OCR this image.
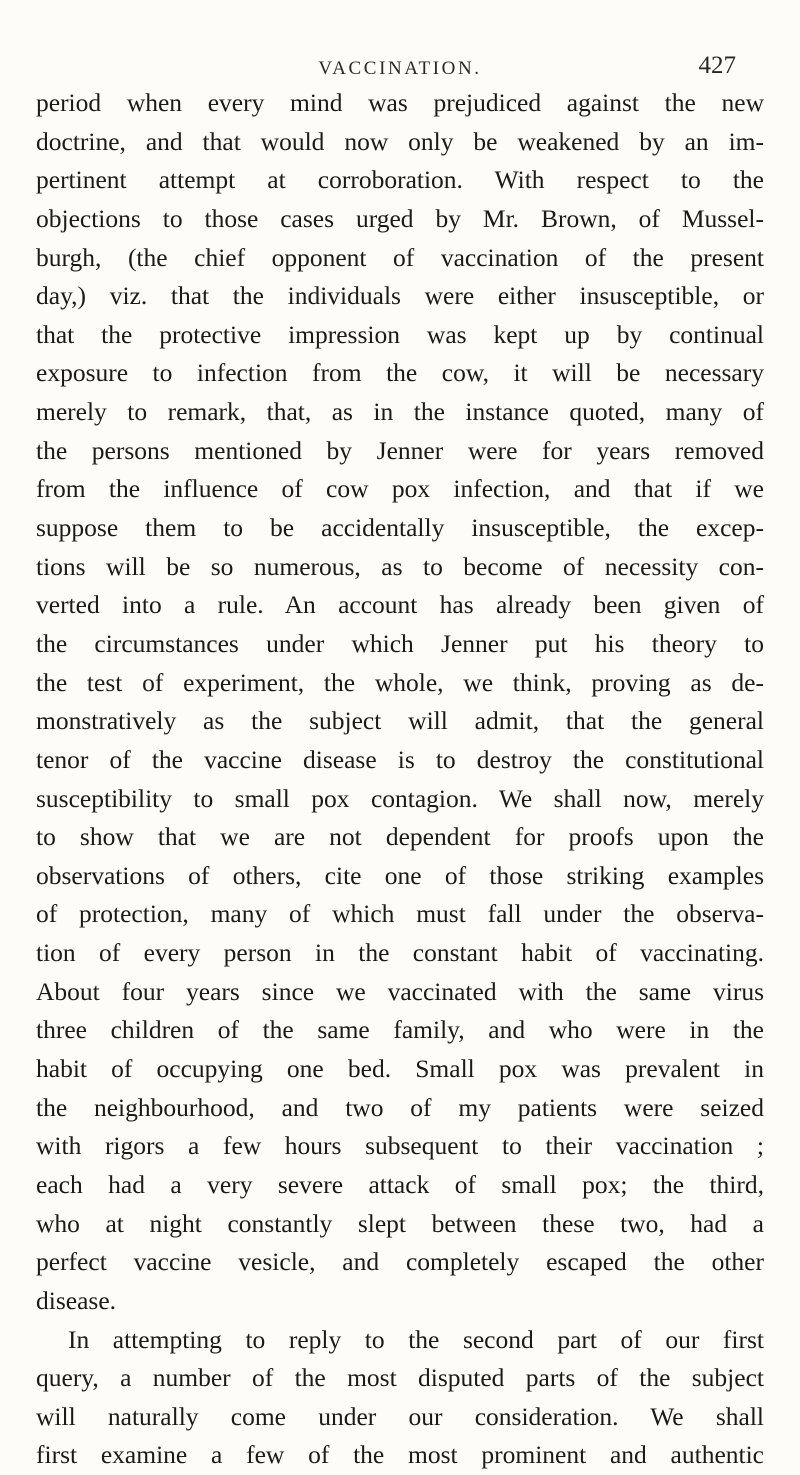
VACCINATION.	427
period when every mind was prejudiced against the new
doctrine, and that would now only be weakened by an im-
pertinent attempt at corroboration. With respect to the
objections to those cases urged by Mr. Brown, of Mussel-
burgh, (the chief opponent of vaccination of the present
day,) viz. that the individuals were either insusceptible, or
that the protective impression was kept up by continual
exposure to infection from the cow, it will be necessary
merely to remark, that, as in the instance quoted, many of
the persons mentioned by Jenner were for years removed
from the influence of cow pox infection, and that if we
suppose them to be accidentally insusceptible, the excep-
tions will be so numerous, as to become of necessity con-
verted into a rule. An account has already been given of
the circumstances under which Jenner put his theory to
the test of experiment, the whole, we think, proving as de-
monstratively as the subject will admit, that the general
tenor of the vaccine disease is to destroy the constitutional
susceptibility to small pox contagion. We shall now, merely
to show that we are not dependent for proofs upon the
observations of others, cite one of those striking examples
of protection, many of which must fall under the observa-
tion of every person in the constant habit of vaccinating.
About four years since we vaccinated with the same virus
three children of the same family, and who were in the
habit of occupying one bed. Small pox was prevalent in
the neighbourhood, and two of my patients were seized
with rigors a few hours subsequent to their vaccination ;
each had a very severe attack of small pox; the third,
who at night constantly slept between these two, had a
perfect vaccine vesicle, and completely escaped the other
disease.
In attempting to reply to the second part of our first
query, a number of the most disputed parts of the subject
will naturally come under our consideration. We shall
first examine a few of the most prominent and authentic
